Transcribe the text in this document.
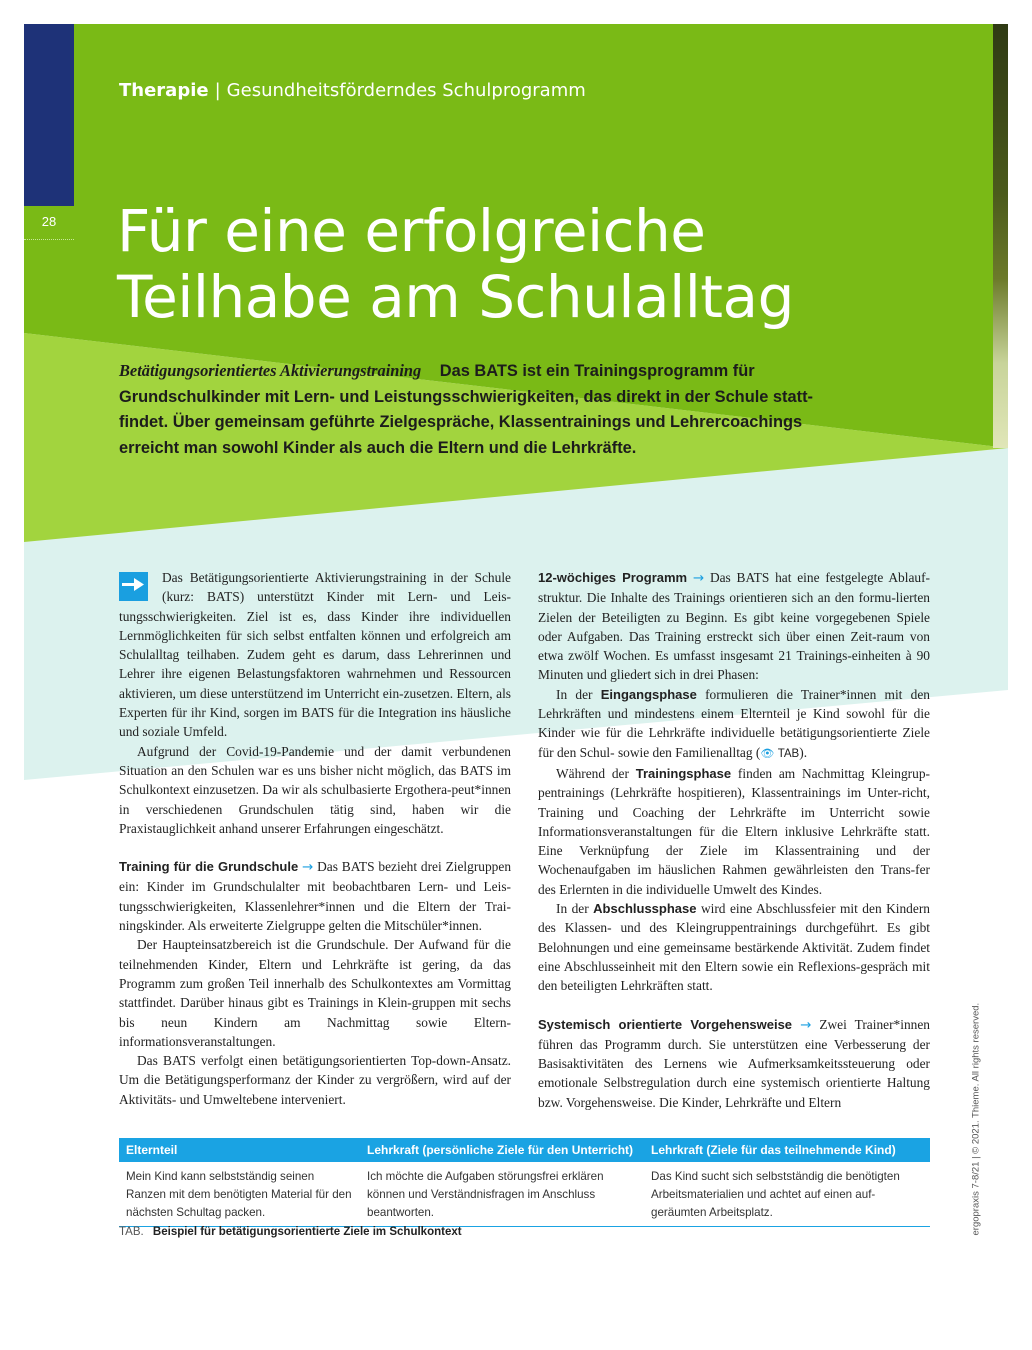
28
Therapie | Gesundheitsförderndes Schulprogramm
Für eine erfolgreiche
Teilhabe am Schulalltag
Betätigungsorientiertes Aktivierungstraining Das BATS ist ein Trainingsprogramm für Grundschulkinder mit Lern- und Leistungsschwierigkeiten, das direkt in der Schule statt-findet. Über gemeinsam geführte Zielgespräche, Klassentrainings und Lehrercoachings erreicht man sowohl Kinder als auch die Eltern und die Lehrkräfte.

Das Betätigungsorientierte Aktivierungstraining in der Schule (kurz: BATS) unterstützt Kinder mit Lern- und Leis-tungsschwierigkeiten. Ziel ist es, dass Kinder ihre individuellen Lernmöglichkeiten für sich selbst entfalten können und erfolgreich am Schulalltag teilhaben. Zudem geht es darum, dass Lehrerinnen und Lehrer ihre eigenen Belastungsfaktoren wahrnehmen und Ressourcen aktivieren, um diese unterstützend im Unterricht ein-zusetzen. Eltern, als Experten für ihr Kind, sorgen im BATS für die Integration ins häusliche und soziale Umfeld.

Aufgrund der Covid-19-Pandemie und der damit verbundenen Situation an den Schulen war es uns bisher nicht möglich, das BATS im Schulkontext einzusetzen. Da wir als schulbasierte Ergothera-peut*innen in verschiedenen Grundschulen tätig sind, haben wir die Praxistauglichkeit anhand unserer Erfahrungen eingeschätzt.

Training für die Grundschule → Das BATS bezieht drei Zielgruppen ein: Kinder im Grundschulalter mit beobachtbaren Lern- und Leis-tungsschwierigkeiten, Klassenlehrer*innen und die Eltern der Trai-ningskinder. Als erweiterte Zielgruppe gelten die Mitschüler*innen.

Der Haupteinsatzbereich ist die Grundschule. Der Aufwand für die teilnehmenden Kinder, Eltern und Lehrkräfte ist gering, da das Programm zum großen Teil innerhalb des Schulkontextes am Vormittag stattfindet. Darüber hinaus gibt es Trainings in Klein-gruppen mit sechs bis neun Kindern am Nachmittag sowie Eltern-informationsveranstaltungen.

Das BATS verfolgt einen betätigungsorientierten Top-down-Ansatz. Um die Betätigungsperformanz der Kinder zu vergrößern, wird auf der Aktivitäts- und Umweltebene interveniert.

12-wöchiges Programm → Das BATS hat eine festgelegte Ablauf-struktur. Die Inhalte des Trainings orientieren sich an den formu-lierten Zielen der Beteiligten zu Beginn. Es gibt keine vorgegebenen Spiele oder Aufgaben. Das Training erstreckt sich über einen Zeit-raum von etwa zwölf Wochen. Es umfasst insgesamt 21 Trainings-einheiten à 90 Minuten und gliedert sich in drei Phasen:

In der Eingangsphase formulieren die Trainer*innen mit den Lehrkräften und mindestens einem Elternteil je Kind sowohl für die Kinder wie für die Lehrkräfte individuelle betätigungsorientierte Ziele für den Schul- sowie den Familienalltag (👁 TAB).

Während der Trainingsphase finden am Nachmittag Kleingrup-pentrainings (Lehrkräfte hospitieren), Klassentrainings im Unter-richt, Training und Coaching der Lehrkräfte im Unterricht sowie Informationsveranstaltungen für die Eltern inklusive Lehrkräfte statt. Eine Verknüpfung der Ziele im Klassentraining und der Wochenaufgaben im häuslichen Rahmen gewährleisten den Trans-fer des Erlernten in die individuelle Umwelt des Kindes.

In der Abschlussphase wird eine Abschlussfeier mit den Kindern des Klassen- und des Kleingruppentrainings durchgeführt. Es gibt Belohnungen und eine gemeinsame bestärkende Aktivität. Zudem findet eine Abschlusseinheit mit den Eltern sowie ein Reflexions-gespräch mit den beteiligten Lehrkräften statt.

Systemisch orientierte Vorgehensweise → Zwei Trainer*innen führen das Programm durch. Sie unterstützen eine Verbesserung der Basisaktivitäten des Lernens wie Aufmerksamkeitssteuerung oder emotionale Selbstregulation durch eine systemisch orientierte Haltung bzw. Vorgehensweise. Die Kinder, Lehrkräfte und Eltern

Elternteil	Lehrkraft (persönliche Ziele für den Unterricht)	Lehrkraft (Ziele für das teilnehmende Kind)
Mein Kind kann selbstständig seinen Ranzen mit dem benötigten Material für den nächsten Schultag packen.	Ich möchte die Aufgaben störungsfrei erklären können und Verständnisfragen im Anschluss beantworten.	Das Kind sucht sich selbstständig die benötigten Arbeitsmaterialien und achtet auf einen auf-geräumten Arbeitsplatz.
TAB. Beispiel für betätigungsorientierte Ziele im Schulkontext	ergopraxis 7-8/21 | © 2021. Thieme. All rights reserved.
